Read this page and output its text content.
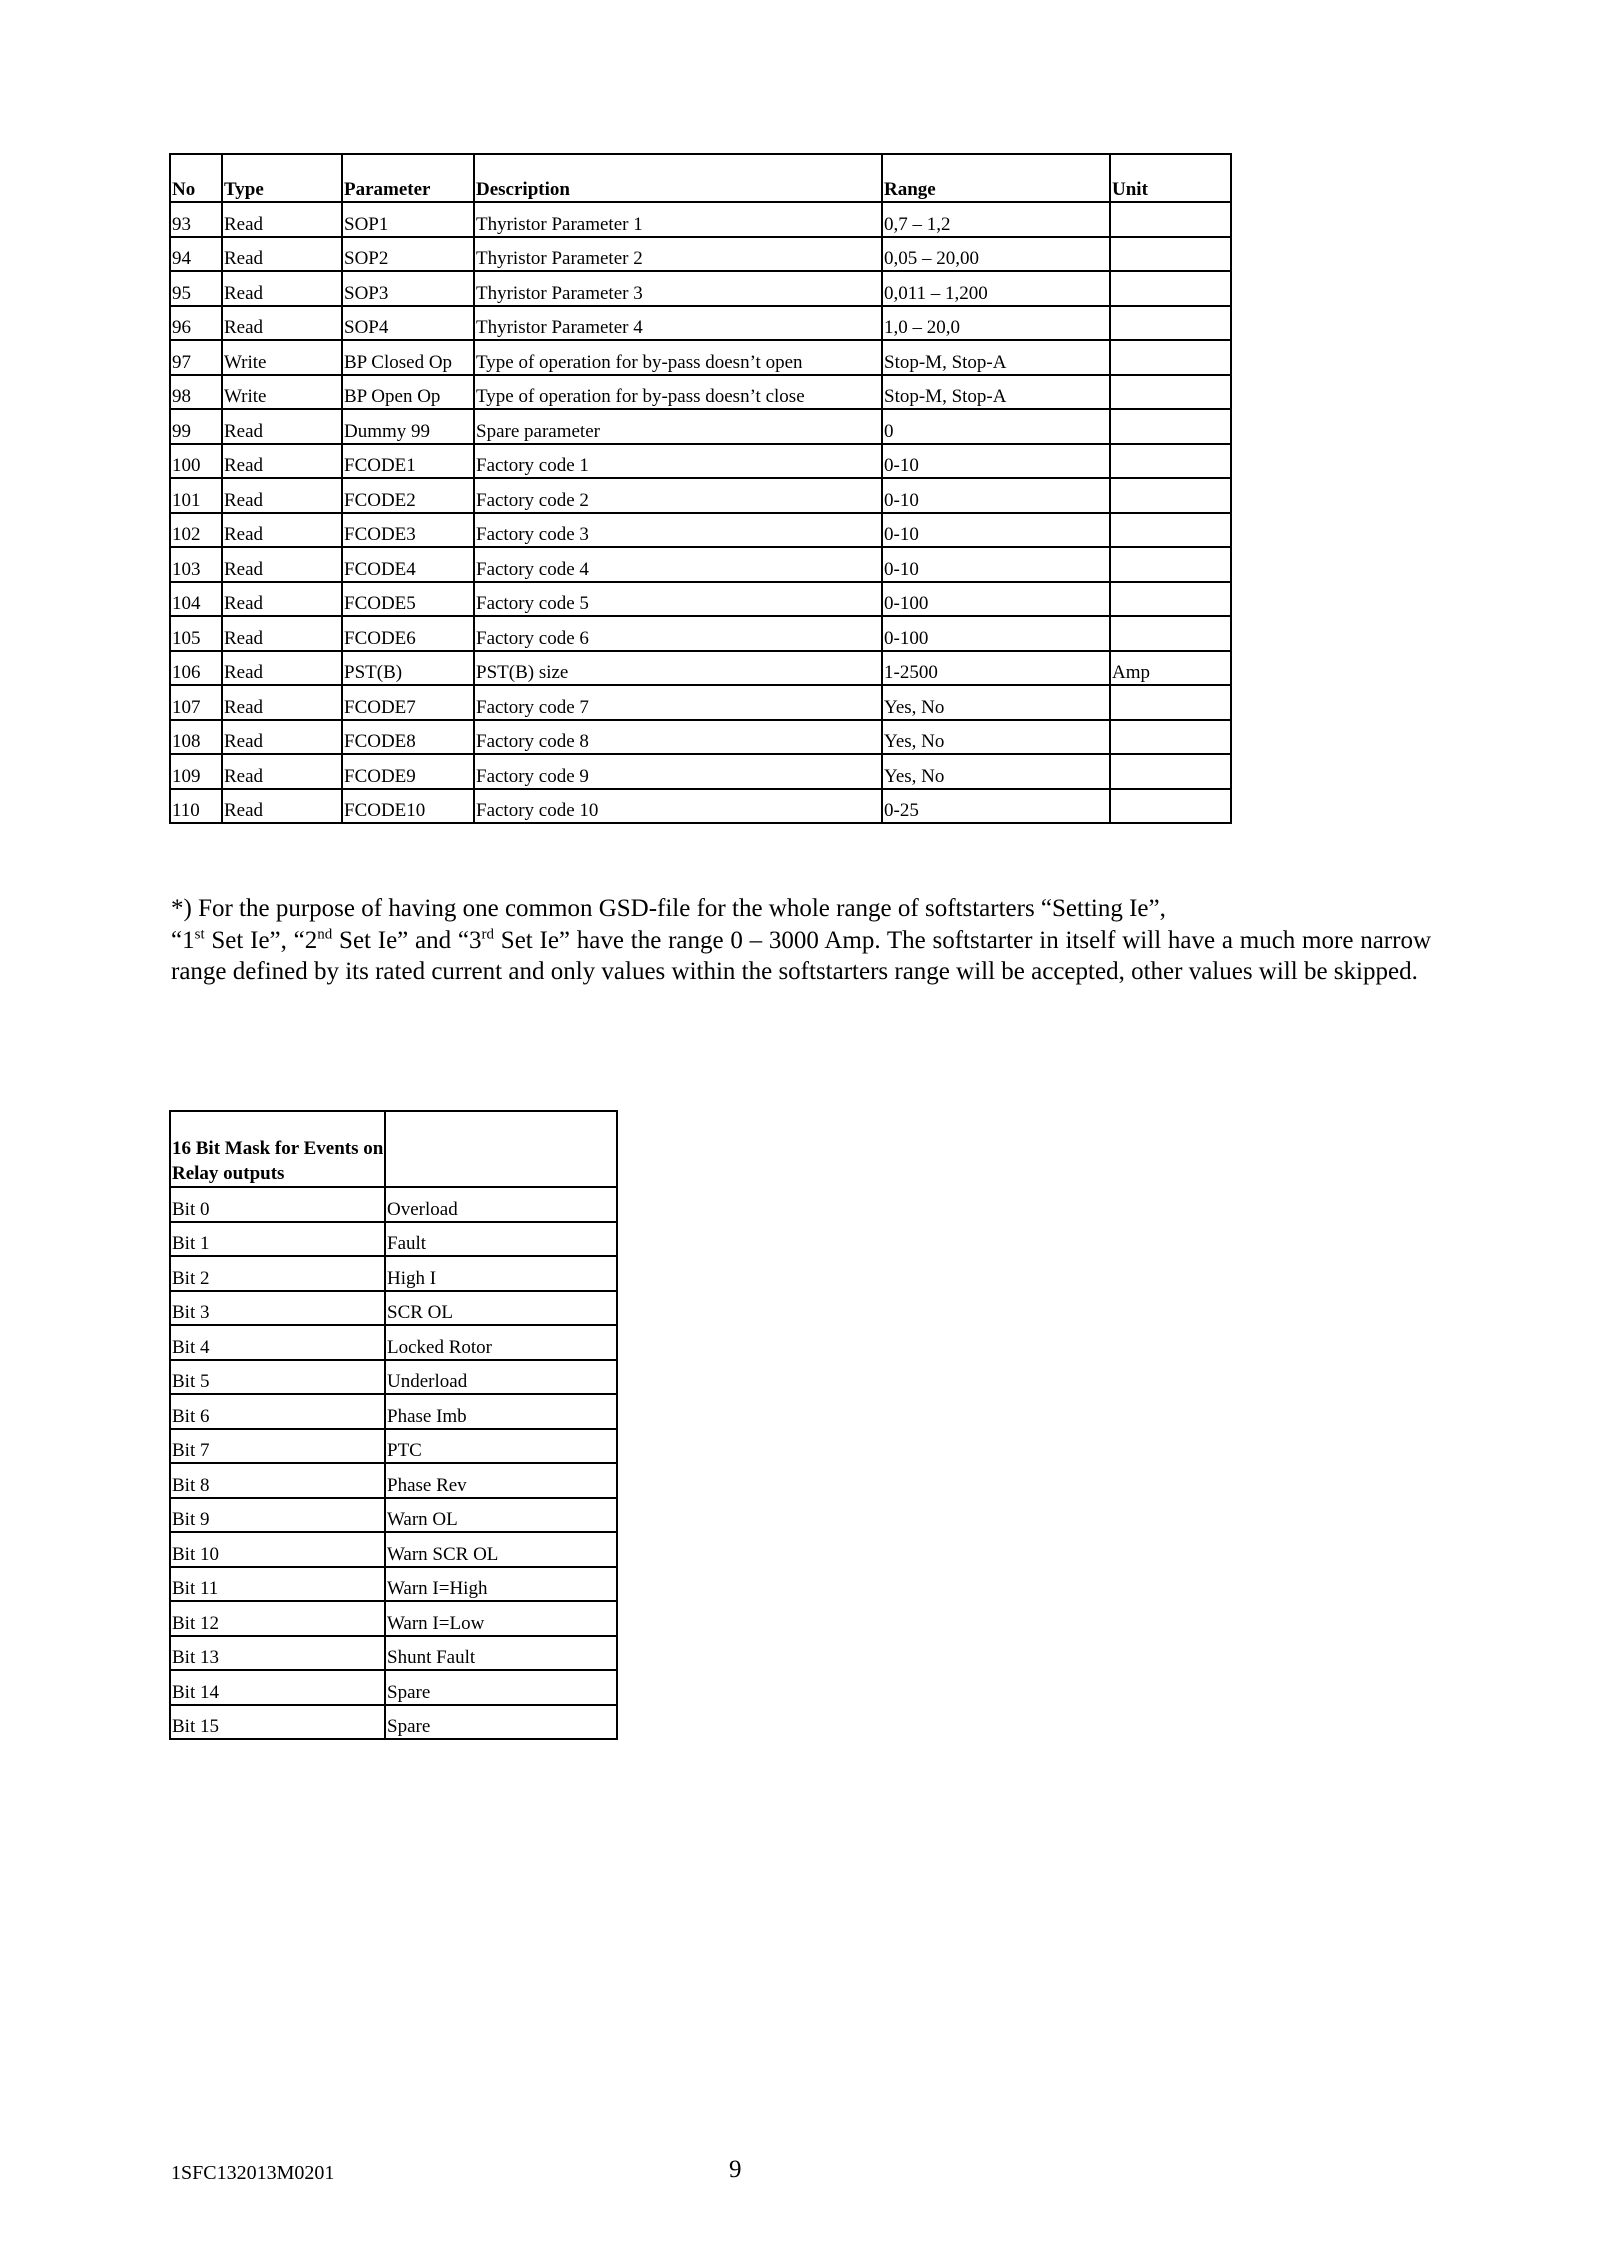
No	Type	Parameter	Description	Range	Unit
93	Read	SOP1	Thyristor Parameter 1	0,7 – 1,2	
94	Read	SOP2	Thyristor Parameter 2	0,05 – 20,00	
95	Read	SOP3	Thyristor Parameter 3	0,011 – 1,200	
96	Read	SOP4	Thyristor Parameter 4	1,0 – 20,0	
97	Write	BP Closed Op	Type of operation for by-pass doesn’t open	Stop-M, Stop-A	
98	Write	BP Open Op	Type of operation for by-pass doesn’t close	Stop-M, Stop-A	
99	Read	Dummy 99	Spare parameter	0	
100	Read	FCODE1	Factory code 1	0-10	
101	Read	FCODE2	Factory code 2	0-10	
102	Read	FCODE3	Factory code 3	0-10	
103	Read	FCODE4	Factory code 4	0-10	
104	Read	FCODE5	Factory code 5	0-100	
105	Read	FCODE6	Factory code 6	0-100	
106	Read	PST(B)	PST(B) size	1-2500	Amp
107	Read	FCODE7	Factory code 7	Yes, No	
108	Read	FCODE8	Factory code 8	Yes, No	
109	Read	FCODE9	Factory code 9	Yes, No	
110	Read	FCODE10	Factory code 10	0-25	
*) For the purpose of having one common GSD-file for the whole range of softstarters “Setting Ie”,
“1st Set Ie”, “2nd Set Ie” and “3rd Set Ie” have the range 0 – 3000 Amp. The softstarter in itself will have a much more narrow range defined by its rated current and only values within the softstarters range will be accepted, other values will be skipped.
16 Bit Mask for Events on Relay outputs	
Bit 0	Overload
Bit 1	Fault
Bit 2	High I
Bit 3	SCR OL
Bit 4	Locked Rotor
Bit 5	Underload
Bit 6	Phase Imb
Bit 7	PTC
Bit 8	Phase Rev
Bit 9	Warn OL
Bit 10	Warn SCR OL
Bit 11	Warn I=High
Bit 12	Warn I=Low
Bit 13	Shunt Fault
Bit 14	Spare
Bit 15	Spare
1SFC132013M0201	9
